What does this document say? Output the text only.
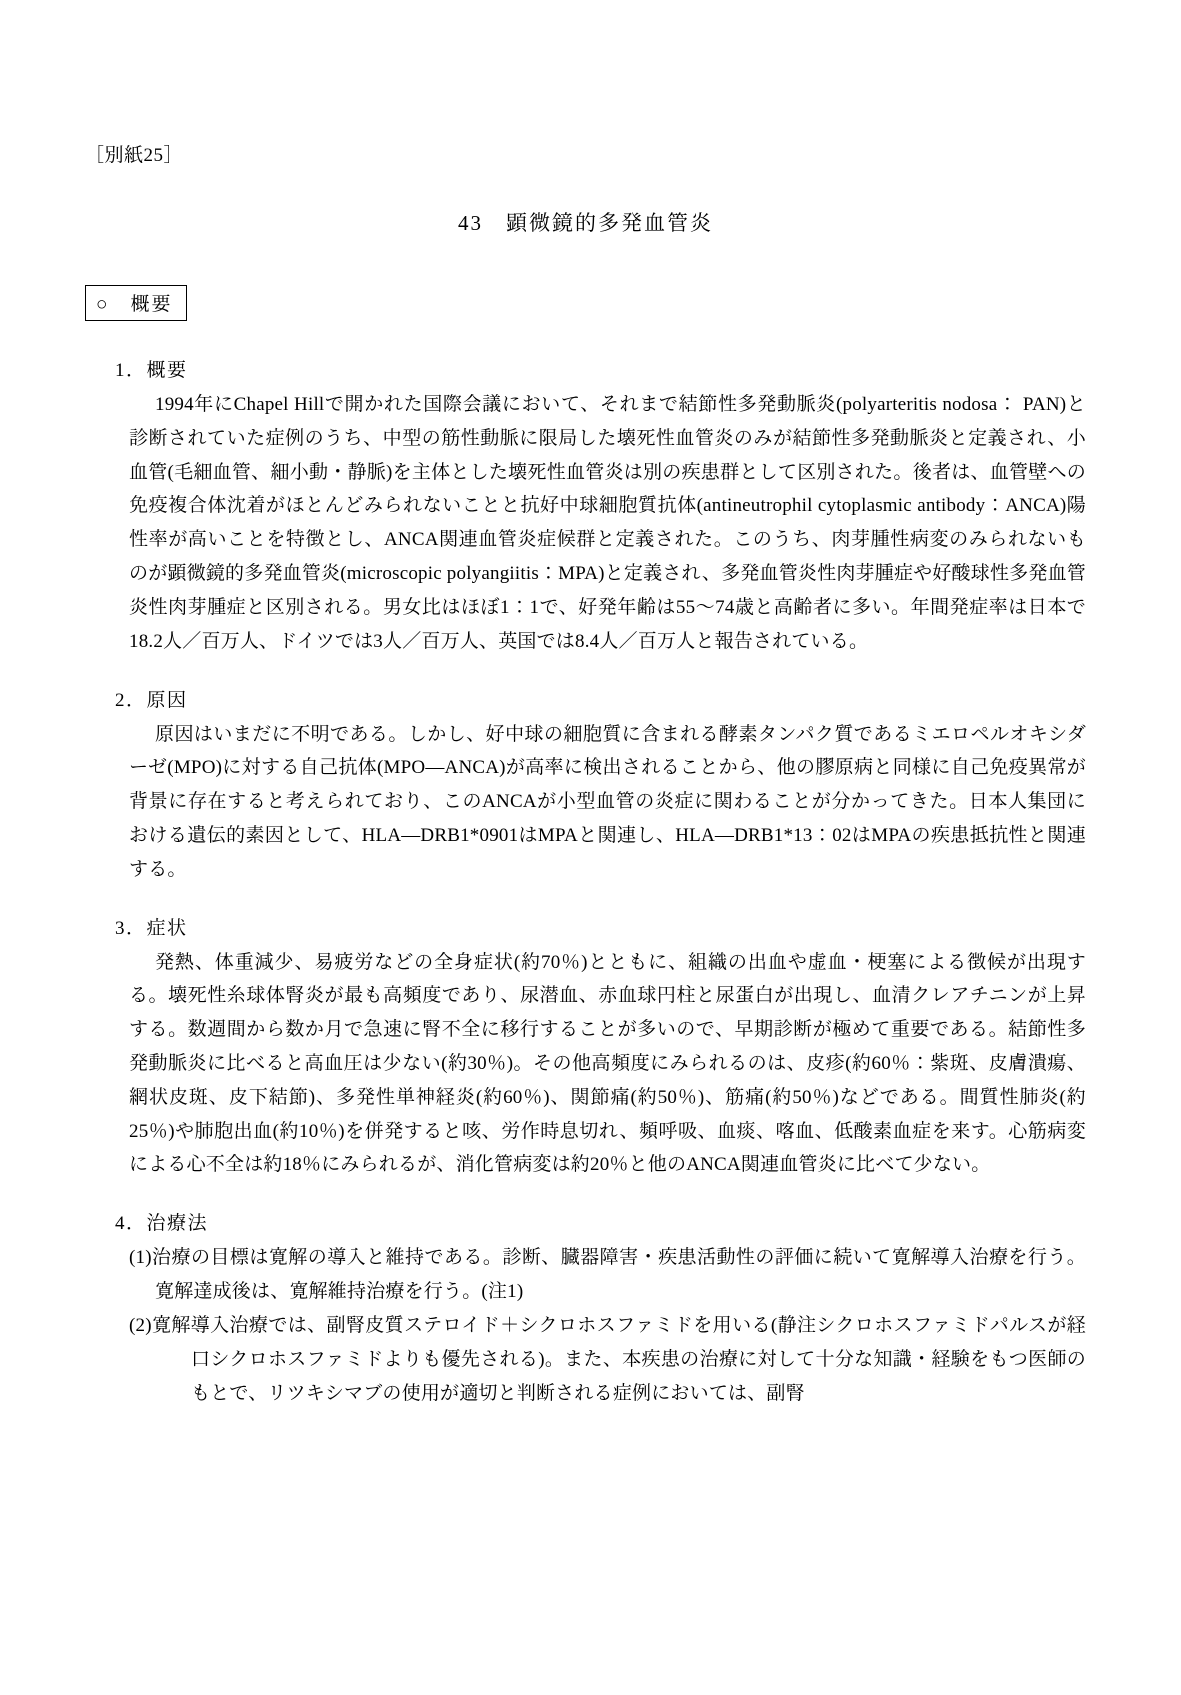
［別紙25］
43　顕微鏡的多発血管炎
○　概要
1．概要

1994年にChapel Hillで開かれた国際会議において、それまで結節性多発動脈炎(polyarteritis nodosa： PAN)と診断されていた症例のうち、中型の筋性動脈に限局した壊死性血管炎のみが結節性多発動脈炎と定義され、小血管(毛細血管、細小動・静脈)を主体とした壊死性血管炎は別の疾患群として区別された。後者は、血管壁への免疫複合体沈着がほとんどみられないことと抗好中球細胞質抗体(antineutrophil cytoplasmic antibody：ANCA)陽性率が高いことを特徴とし、ANCA関連血管炎症候群と定義された。このうち、肉芽腫性病変のみられないものが顕微鏡的多発血管炎(microscopic polyangiitis：MPA)と定義され、多発血管炎性肉芽腫症や好酸球性多発血管炎性肉芽腫症と区別される。男女比はほぼ1：1で、好発年齢は55〜74歳と高齢者に多い。年間発症率は日本で18.2人／百万人、ドイツでは3人／百万人、英国では8.4人／百万人と報告されている。

2．原因

原因はいまだに不明である。しかし、好中球の細胞質に含まれる酵素タンパク質であるミエロペルオキシダーゼ(MPO)に対する自己抗体(MPO—ANCA)が高率に検出されることから、他の膠原病と同様に自己免疫異常が背景に存在すると考えられており、このANCAが小型血管の炎症に関わることが分かってきた。日本人集団における遺伝的素因として、HLA—DRB1*0901はMPAと関連し、HLA—DRB1*13：02はMPAの疾患抵抗性と関連する。

3．症状

発熱、体重減少、易疲労などの全身症状(約70％)とともに、組織の出血や虚血・梗塞による徴候が出現する。壊死性糸球体腎炎が最も高頻度であり、尿潜血、赤血球円柱と尿蛋白が出現し、血清クレアチニンが上昇する。数週間から数か月で急速に腎不全に移行することが多いので、早期診断が極めて重要である。結節性多発動脈炎に比べると高血圧は少ない(約30％)。その他高頻度にみられるのは、皮疹(約60％：紫斑、皮膚潰瘍、網状皮斑、皮下結節)、多発性単神経炎(約60％)、関節痛(約50％)、筋痛(約50％)などである。間質性肺炎(約25％)や肺胞出血(約10％)を併発すると咳、労作時息切れ、頻呼吸、血痰、喀血、低酸素血症を来す。心筋病変による心不全は約18％にみられるが、消化管病変は約20％と他のANCA関連血管炎に比べて少ない。

4．治療法

(1)治療の目標は寛解の導入と維持である。診断、臓器障害・疾患活動性の評価に続いて寛解導入治療を行う。寛解達成後は、寛解維持治療を行う。(注1)

(2)寛解導入治療では、副腎皮質ステロイド＋シクロホスファミドを用いる(静注シクロホスファミドパルスが経口シクロホスファミドよりも優先される)。また、本疾患の治療に対して十分な知識・経験をもつ医師のもとで、リツキシマブの使用が適切と判断される症例においては、副腎
